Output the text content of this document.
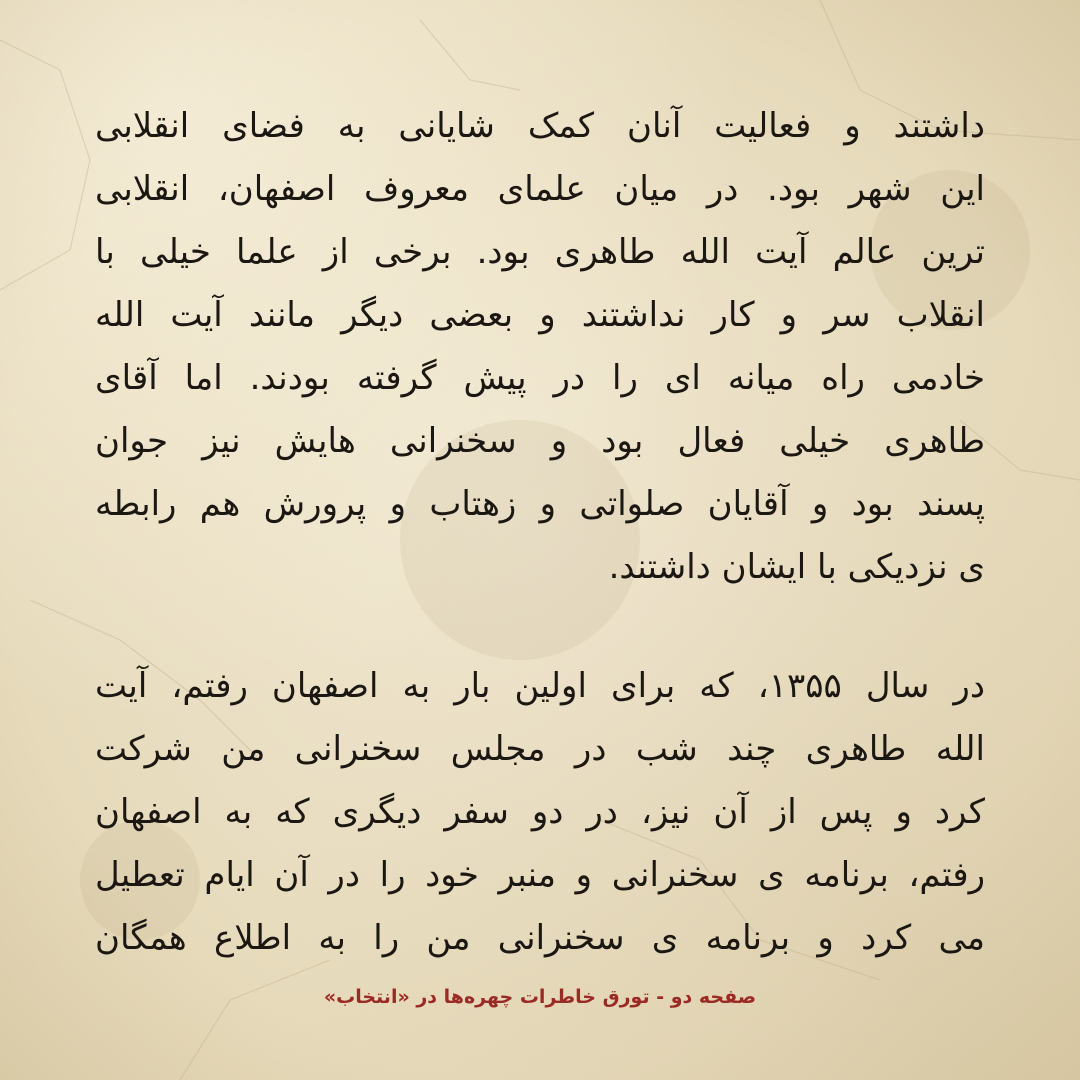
داشتند و فعالیت آنان کمک شایانی به فضای انقلابی
این شهر بود. در میان علمای معروف اصفهان، انقلابی
ترین عالم آیت الله طاهری بود. برخی از علما خیلی با
انقلاب سر و کار نداشتند و بعضی دیگر مانند آیت الله
خادمی راه میانه ای را در پیش گرفته بودند. اما آقای
طاهری خیلی فعال بود و سخنرانی هایش نیز جوان
پسند بود و آقایان صلواتی و زهتاب و پرورش هم رابطه
ی نزدیکی با ایشان داشتند.
در سال ۱۳۵۵، که برای اولین بار به اصفهان رفتم، آیت
الله طاهری چند شب در مجلس سخنرانی من شرکت
کرد و پس از آن نیز، در دو سفر دیگری که به اصفهان
رفتم، برنامه ی سخنرانی و منبر خود را در آن ایام تعطیل
می کرد و برنامه ی سخنرانی من را به اطلاع همگان
صفحه دو - تورق خاطرات چهره‌ها در «انتخاب»
